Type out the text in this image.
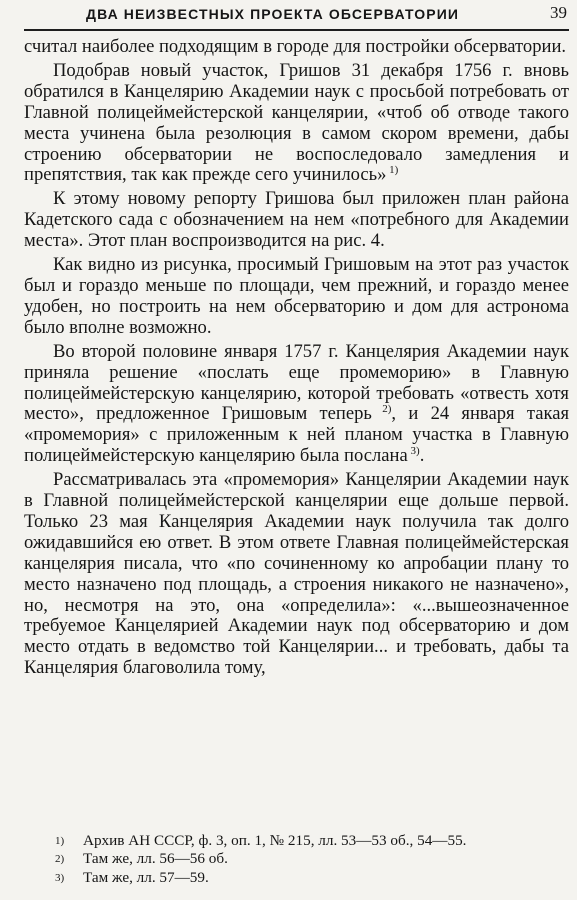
ДВА НЕИЗВЕСТНЫХ ПРОЕКТА ОБСЕРВАТОРИИ	39

считал наиболее подходящим в городе для постройки обсерватории.

Подобрав новый участок, Гришов 31 декабря 1756 г. вновь обратился в Канцелярию Академии наук с просьбой потребовать от Главной полицеймейстерской канцелярии, «чтоб об отводе такого места учинена была резолюция в самом скором времени, дабы строению обсерватории не воспоследовало замедления и препятствия, так как прежде сего учинилось» $^{1)}$

К этому новому репорту Гришова был приложен план района Кадетского сада с обозначением на нем «потребного для Академии места». Этот план воспроизводится на рис. 4.

Как видно из рисунка, просимый Гришовым на этот раз участок был и гораздо меньше по площади, чем прежний, и гораздо менее удобен, но построить на нем обсерваторию и дом для астронома было вполне возможно.

Во второй половине января 1757 г. Канцелярия Академии наук приняла решение «послать еще промеморию» в Главную полицеймейстерскую канцелярию, которой требовать «отвесть хотя место», предложенное Гришовым теперь $^{2)}$, и 24 января такая «промемория» с приложенным к ней планом участка в Главную полицеймейстерскую канцелярию была послана $^{3)}$.

Рассматривалась эта «промемория» Канцелярии Академии наук в Главной полицеймейстерской канцелярии еще дольше первой. Только 23 мая Канцелярия Академии наук получила так долго ожидавшийся ею ответ. В этом ответе Главная полицеймейстерская канцелярия писала, что «по сочиненному ко апробации плану то место назначено под площадь, а строения никакого не назначено», но, несмотря на это, она «определила»: «...вышеозначенное требуемое Канцелярией Академии наук под обсерваторию и дом место отдать в ведомство той Канцелярии... и требовать, дабы та Канцелярия благоволила тому,

1) Архив АН СССР, ф. 3, оп. 1, № 215, лл. 53—53 об., 54—55.
2) Там же, лл. 56—56 об.
3) Там же, лл. 57—59.
